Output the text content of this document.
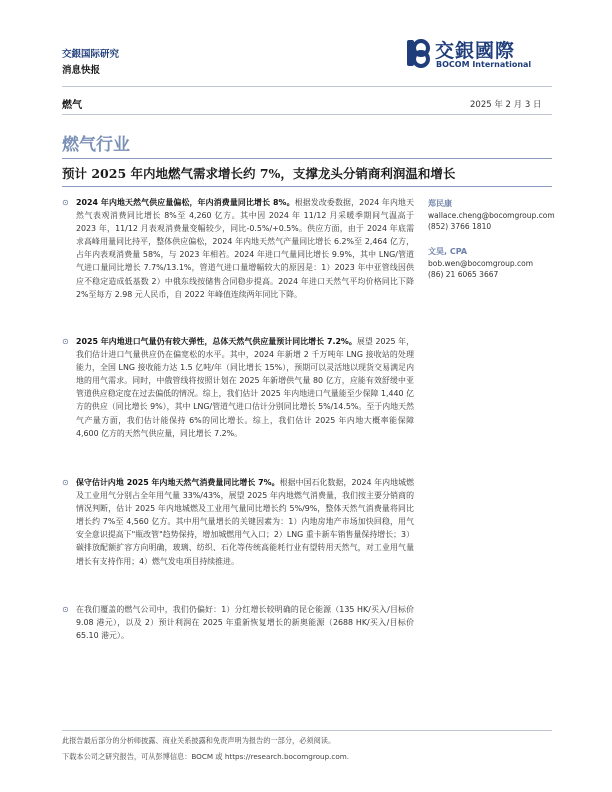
交銀国际研究
消息快报
交銀國際
BOCOM International
燃气	2025 年 2 月 3 日
燃气行业
预计 2025 年内地燃气需求增长约 7%，支撑龙头分销商利润温和增长
⊙ 2024 年内地天然气供应量偏松，年内消费量同比增长 8%。根据发改委数据，2024 年内地天然气表观消费同比增长 8%至 4,260 亿方。其中因 2024 年 11/12 月采暖季期间气温高于 2023 年，11/12 月表观消费量变幅较少，同比-0.5%/+0.5%。供应方面，由于 2024 年底需求高峰用量同比持平，整体供应偏松，2024 年内地天然气产量同比增长 6.2%至 2,464 亿方，占年内表观消费量 58%，与 2023 年相若。2024 年进口气量同比增长 9.9%，其中 LNG/管道气进口量同比增长 7.7%/13.1%，管道气进口量增幅较大的原因是：1）2023 年中亚管线因供应不稳定造成低基数 2）中俄东线按储售合同稳步提高。2024 年进口天然气平均价格同比下降 2%至每方 2.98 元人民币，自 2022 年峰值连续两年同比下降。
⊙ 2025 年内地进口气量仍有较大弹性，总体天然气供应量预计同比增长 7.2%。展望 2025 年，我们估计进口气量供应仍在偏宽松的水平。其中，2024 年新增 2 千万吨年 LNG 接收站的处理能力，全国 LNG 接收能力达 1.5 亿吨/年（同比增长 15%），预期可以灵活地以现货交易满足内地的用气需求。同时，中俄管线将按照计划在 2025 年新增供气量 80 亿方，应能有效舒缓中亚管道供应稳定度在过去偏低的情况。综上，我们估计 2025 年内地进口气量能至少保障 1,440 亿方的供应（同比增长 9%），其中 LNG/管道气进口估计分别同比增长 5%/14.5%。至于内地天然气产量方面，我们估计能保持 6%的同比增长。综上，我们估计 2025 年内地大概率能保障 4,600 亿方的天然气供应量，同比增长 7.2%。
⊙ 保守估计内地 2025 年内地天然气消费量同比增长 7%。根据中国石化数据，2024 年内地城燃及工业用气分别占全年用气量 33%/43%，展望 2025 年内地燃气消费量，我们按主要分销商的情况判断，估计 2025 年内地城燃及工业用气量同比增长约 5%/9%，整体天然气消费量将同比增长约 7%至 4,560 亿方。其中用气量增长的关键因素为：1）内地房地产市场加快回稳，用气安全意识提高下"瓶改管"趋势保持，增加城燃用气入口；2）LNG 重卡新车销售量保持增长；3）碳排放配额扩容方向明确，玻璃、纺织、石化等传统高能耗行业有望转用天然气，对工业用气量增长有支持作用；4）燃气发电项目持续推进。
⊙ 在我们覆盖的燃气公司中，我们仍偏好：1）分红增长较明确的昆仑能源（135 HK/买入/目标价 9.08 港元），以及 2）预计利润在 2025 年重新恢复增长的新奥能源（2688 HK/买入/目标价 65.10 港元）。
郑民康
wallace.cheng@bocomgroup.com
(852) 3766 1810
文昊, CPA
bob.wen@bocomgroup.com
(86) 21 6065 3667
此报告最后部分的分析师披露、商业关系披露和免责声明为报告的一部分，必须阅读。
下载本公司之研究报告，可从彭博信息：BOCM 或 https://research.bocomgroup.com.
